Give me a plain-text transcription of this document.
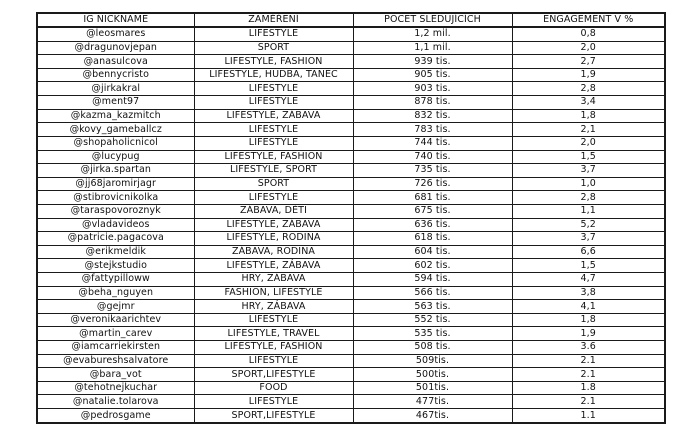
IG NICKNAME	ZAMĚŘENÍ	POČET SLEDUJÍCÍCH	ENGAGEMENT V %
@leosmares	LIFESTYLE	1,2 mil.	0,8
@dragunovjepan	SPORT	1,1 mil.	2,0
@anasulcova	LIFESTYLE, FASHION	939 tis.	2,7
@bennycristo	LIFESTYLE, HUDBA, TANEC	905 tis.	1,9
@jirkakral	LIFESTYLE	903 tis.	2,8
@ment97	LIFESTYLE	878 tis.	3,4
@kazma_kazmitch	LIFESTYLE, ZÁBAVA	832 tis.	1,8
@kovy_gameballcz	LIFESTYLE	783 tis.	2,1
@shopaholicnicol	LIFESTYLE	744 tis.	2,0
@lucypug	LIFESTYLE, FASHION	740 tis.	1,5
@jirka.spartan	LIFESTYLE, SPORT	735 tis.	3,7
@jj68jaromirjagr	SPORT	726 tis.	1,0
@stibrovicnikolka	LIFESTYLE	681 tis.	2,8
@taraspovoroznyk	ZÁBAVA, DĚTI	675 tis.	1,1
@vladavideos	LIFESTYLE, ZÁBAVA	636 tis.	5,2
@patricie.pagacova	LIFESTYLE, RODINA	618 tis.	3,7
@erikmeldik	ZÁBAVA, RODINA	604 tis.	6,6
@stejkstudio	LIFESTYLE, ZÁBAVA	602 tis.	1,5
@fattypilloww	HRY, ZÁBAVA	594 tis.	4,7
@beha_nguyen	FASHION, LIFESTYLE	566 tis.	3,8
@gejmr	HRY, ZÁBAVA	563 tis.	4,1
@veronikaarichtev	LIFESTYLE	552 tis.	1,8
@martin_carev	LIFESTYLE, TRAVEL	535 tis.	1,9
@iamcarriekirsten	LIFESTYLE, FASHION	508 tis.	3.6
@evabureshsalvatore	LIFESTYLE	509tis.	2.1
@bara_vot	SPORT,LIFESTYLE	500tis.	2.1
@tehotnejkuchar	FOOD	501tis.	1.8
@natalie.tolarova	LIFESTYLE	477tis.	2.1
@pedrosgame	SPORT,LIFESTYLE	467tis.	1.1
